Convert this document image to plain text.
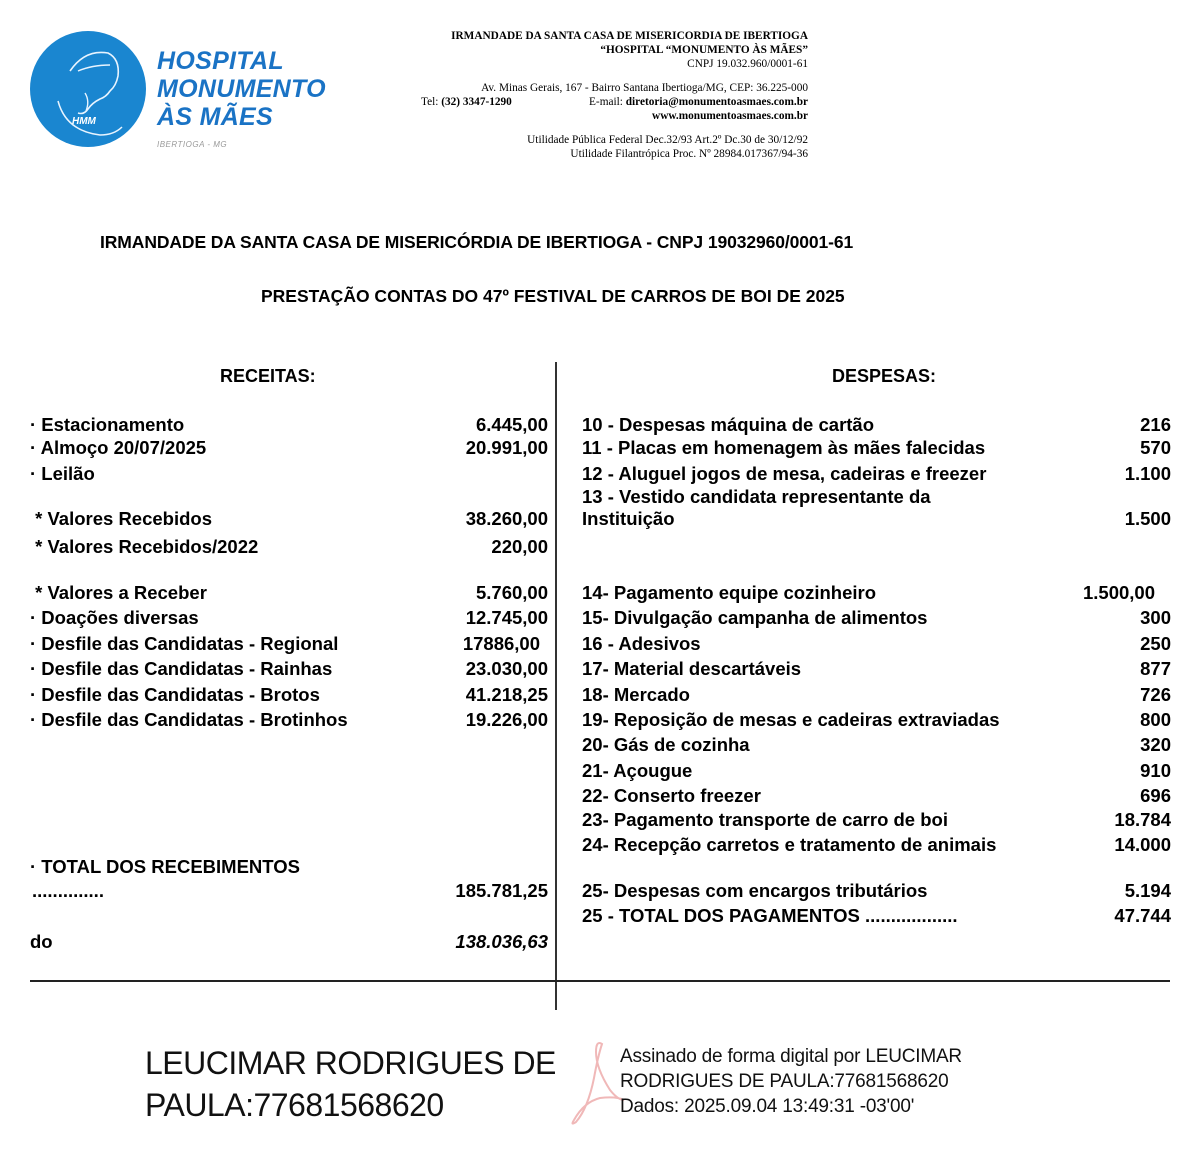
HMM
HOSPITAL
MONUMENTO
ÀS MÃES
IBERTIOGA - MG
IRMANDADE DA SANTA CASA DE MISERICORDIA DE IBERTIOGA
“HOSPITAL “MONUMENTO ÀS MÃES”
CNPJ 19.032.960/0001-61
Av. Minas Gerais, 167 - Bairro Santana Ibertioga/MG, CEP: 36.225-000
Tel: (32) 3347-1290	E-mail: diretoria@monumentoasmaes.com.br
www.monumentoasmaes.com.br
Utilidade Pública Federal Dec.32/93 Art.2º Dc.30 de 30/12/92
Utilidade Filantrópica Proc. Nº 28984.017367/94-36
IRMANDADE DA SANTA CASA DE MISERICÓRDIA DE IBERTIOGA - CNPJ 19032960/0001-61
PRESTAÇÃO CONTAS DO 47º FESTIVAL DE CARROS DE BOI DE 2025
RECEITAS:	DESPESAS:
· Estacionamento	6.445,00
· Almoço 20/07/2025	20.991,00
· Leilão
* Valores Recebidos	38.260,00
* Valores Recebidos/2022	220,00
* Valores a Receber	5.760,00
· Doações diversas	12.745,00
· Desfile das Candidatas - Regional	17886,00
· Desfile das Candidatas - Rainhas	23.030,00
· Desfile das Candidatas - Brotos	41.218,25
· Desfile das Candidatas - Brotinhos	19.226,00
· TOTAL DOS RECEBIMENTOS
..............	185.781,25
do	138.036,63
10 - Despesas máquina de cartão	216
11 - Placas em homenagem às mães falecidas	570
12 - Aluguel jogos de mesa, cadeiras e freezer	1.100
13 - Vestido candidata representante da
Instituição	1.500
14- Pagamento equipe cozinheiro	1.500,00
15- Divulgação campanha de alimentos	300
16 - Adesivos	250
17- Material descartáveis	877
18- Mercado	726
19- Reposição de mesas e cadeiras extraviadas	800
20- Gás de cozinha	320
21- Açougue	910
22- Conserto freezer	696
23- Pagamento transporte de carro de boi	18.784
24- Recepção carretos e tratamento de animais	14.000
25- Despesas com encargos tributários	5.194
25 - TOTAL DOS PAGAMENTOS ..................	47.744
LEUCIMAR RODRIGUES DE
PAULA:77681568620
Assinado de forma digital por LEUCIMAR
RODRIGUES DE PAULA:77681568620
Dados: 2025.09.04 13:49:31 -03'00'
